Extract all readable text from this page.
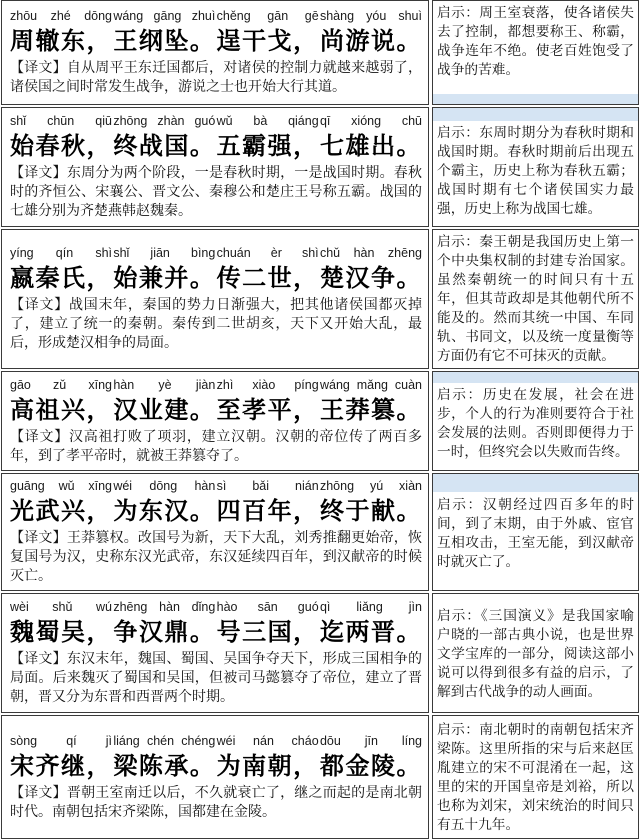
zhōu zhé dōng wáng gāng zhuì chěng gān gē shàng yóu shuì
周辙东， 王纲坠。 逞干戈， 尚游说。
【译文】自从周平王东迁国都后，对诸侯的控制力就越来越弱了，诸侯国之间时常发生战争，游说之士也开始大行其道。
启示：周王室衰落，使各诸侯失去了控制，都想要称王、称霸，战争连年不绝。使老百姓饱受了战争的苦难。
shǐ chūn qiū zhōng zhàn guó wǔ bà qiáng qī xióng chū
始春秋， 终战国。 五霸强， 七雄出。
【译文】东周分为两个阶段，一是春秋时期，一是战国时期。春秋时的齐恒公、宋襄公、晋文公、秦穆公和楚庄王号称五霸。战国的七雄分别为齐楚燕韩赵魏秦。
启示：东周时期分为春秋时期和战国时期。春秋时期前后出现五个霸主，历史上称为春秋五霸；战国时期有七个诸侯国实力最强，历史上称为战国七雄。
yíng qín shì shǐ jiān bìng chuán èr shì chǔ hàn zhēng
嬴秦氏， 始兼并。 传二世， 楚汉争。
【译文】战国末年，秦国的势力日渐强大，把其他诸侯国都灭掉了，建立了统一的秦朝。秦传到二世胡亥，天下又开始大乱，最后，形成楚汉相争的局面。
启示：秦王朝是我国历史上第一个中央集权制的封建专治国家。虽然秦朝统一的时间只有十五年，但其苛政却是其他朝代所不能及的。然而其统一中国、车同轨、书同文，以及统一度量衡等方面仍有它不可抹灭的贡献。
gāo zǔ xīng hàn yè jiàn zhì xiào píng wáng mǎng cuàn
高祖兴， 汉业建。 至孝平， 王莽篡。
【译文】汉高祖打败了项羽，建立汉朝。汉朝的帝位传了两百多年，到了孝平帝时，就被王莽篡夺了。
启示：历史在发展，社会在进步，个人的行为准则要符合于社会发展的法则。否则即便得力于一时，但终究会以失败而告终。
guāng wǔ xīng wéi dōng hàn sì bǎi nián zhōng yú xiàn
光武兴， 为东汉。 四百年， 终于献。
【译文】王莽篡权。改国号为新，天下大乱，刘秀推翻更始帝，恢复国号为汉，史称东汉光武帝，东汉延续四百年，到汉献帝的时候灭亡。
启示：汉朝经过四百多年的时间，到了末期，由于外戚、宦官互相攻击，王室无能，到汉献帝时就灭亡了。
wèi shǔ wú zhēng hàn dǐng hào sān guó qì liǎng jìn
魏蜀吴， 争汉鼎。 号三国， 迄两晋。
【译文】东汉末年，魏国、蜀国、吴国争夺天下，形成三国相争的局面。后来魏灭了蜀国和吴国，但被司马懿篡夺了帝位，建立了晋朝，晋又分为东晋和西晋两个时期。
启示：《三国演义》是我国家喻户晓的一部古典小说，也是世界文学宝库的一部分，阅读这部小说可以得到很多有益的启示，了解到古代战争的动人画面。
sòng qí jì liáng chén chéng wéi nán cháo dōu jīn líng
宋齐继， 梁陈承。 为南朝， 都金陵。
【译文】晋朝王室南迁以后，不久就衰亡了，继之而起的是南北朝时代。南朝包括宋齐梁陈，国都建在金陵。
启示：南北朝时的南朝包括宋齐梁陈。这里所指的宋与后来赵匡胤建立的宋不可混淆在一起，这里的宋的开国皇帝是刘裕，所以也称为刘宋，刘宋统治的时间只有五十九年。
